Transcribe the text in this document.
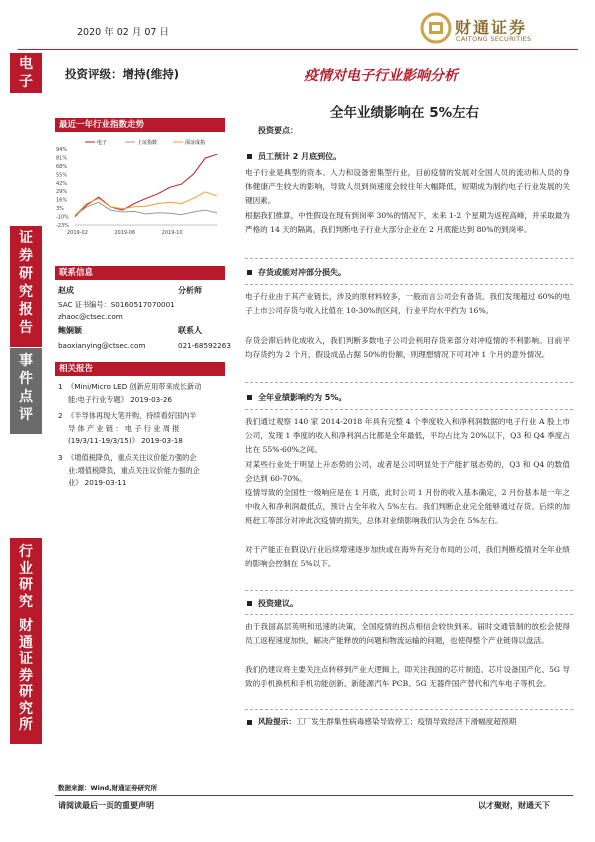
2020 年 02 月 07 日	财通证券
CAITONG SECURITIES
电
子
证
券
研
究
报
告
事
件
点
评
行
业
研
究
财
通
证
券
研
究
所
投资评级：增持(维持)	疫情对电子行业影响分析
全年业绩影响在 5%左右
最近一年行业指数走势
电子	上证指数	深证成指
94%
81%
68%
55%
42%
29%
16%
3%
-10%
-23%
2019-02	2019-06	2019-10
联系信息
赵成	分析师
SAC 证书编号：S0160517070001
zhaoc@ctsec.com
鲍娴颖	联系人
baoxianying@ctsec.com	021-68592263
相关报告
1 《Mini/Micro LED 创新应用带来成长新动
能:电子行业专题》 2019-03-26
2 《半导体再现大笔并购，持续看好国内半
导 体 产 业 链 ： 电 子 行 业 周 报
(19/3/11-19/3/15)》 2019-03-18
3 《增值税降负，重点关注议价能力强的企
业:增值税降负，重点关注议价能力强的企
业》 2019-03-11
投资要点：
员工预计 2 月底到位。
电子行业是典型的资本、人力和设备密集型行业，目前疫情的发展对全国人员的流动和人员的身体健康产生较大的影响，导致人员到岗速度会较往年大幅降低，短期成为制约电子行业发展的关键因素。
根据我们推算，中性假设在现有到岗率 30%的情况下，未来 1-2 个星期为返程高峰，并采取最为严格的 14 天的隔离，我们判断电子行业大部分企业在 2 月底能达到 80%的到岗率。
存货或能对冲部分损失。
电子行业由于其产业链长，涉及的原材料较多，一般而言公司会有备货。我们发现超过 60%的电子上市公司存货与收入比值在 10-30%的区间，行业平均水平约为 16%。
存货会滞后转化成收入，我们判断多数电子公司会利用存货来部分对冲疫情的不利影响。目前平均存货约为 2 个月，假设成品占据 50%的份额，则理想情况下可对冲 1 个月的意外情况。
全年业绩影响约为 5%。
我们通过观察 140 家 2014-2018 年具有完整 4 个季度收入和净利润数据的电子行业 A 股上市公司，发现 1 季度的收入和净利润占比都是全年最低，平均占比为 20%以下，Q3 和 Q4 季度占比在 55%-60%之间。
对某些行业处于明显上升态势的公司，或者是公司明显处于产能扩展态势的，Q3 和 Q4 的数值会达到 60-70%。
疫情导致的全国性一级响应是在 1 月底，此时公司 1 月份的收入基本确定，2 月份基本是一年之中收入和净利润最低点，预计占全年收入 5%左右。我们判断企业完全能够通过存货、后续的加班赶工等部分对冲此次疫情的损失，总体对业绩影响我们认为会在 5%左右。
对于产能正在假设\行业后续增速逐步加快或在海外有充分布局的公司，我们判断疫情对全年业绩的影响会控制在 5%以下。
投资建议。
由于我国高层英明和迅速的决策，全国疫情的拐点相信会较快到来。届时交通管制的放松会使得员工返程速度加快，解决产能释放的问题和物流运输的问题，也使得整个产业链得以盘活。
我们仍建议将主要关注点转移到产业大逻辑上，即关注我国的芯片制造、芯片设备国产化、5G 导致的手机换机和手机功能创新、新能源汽车 PCB、5G 无器件国产替代和汽车电子等机会。
风险提示：工厂发生群集性病毒感染导致停工；疫情导致经济下滑幅度超预期
数据来源：Wind,财通证券研究所
请阅读最后一页的重要声明	以才聚财，财通天下
